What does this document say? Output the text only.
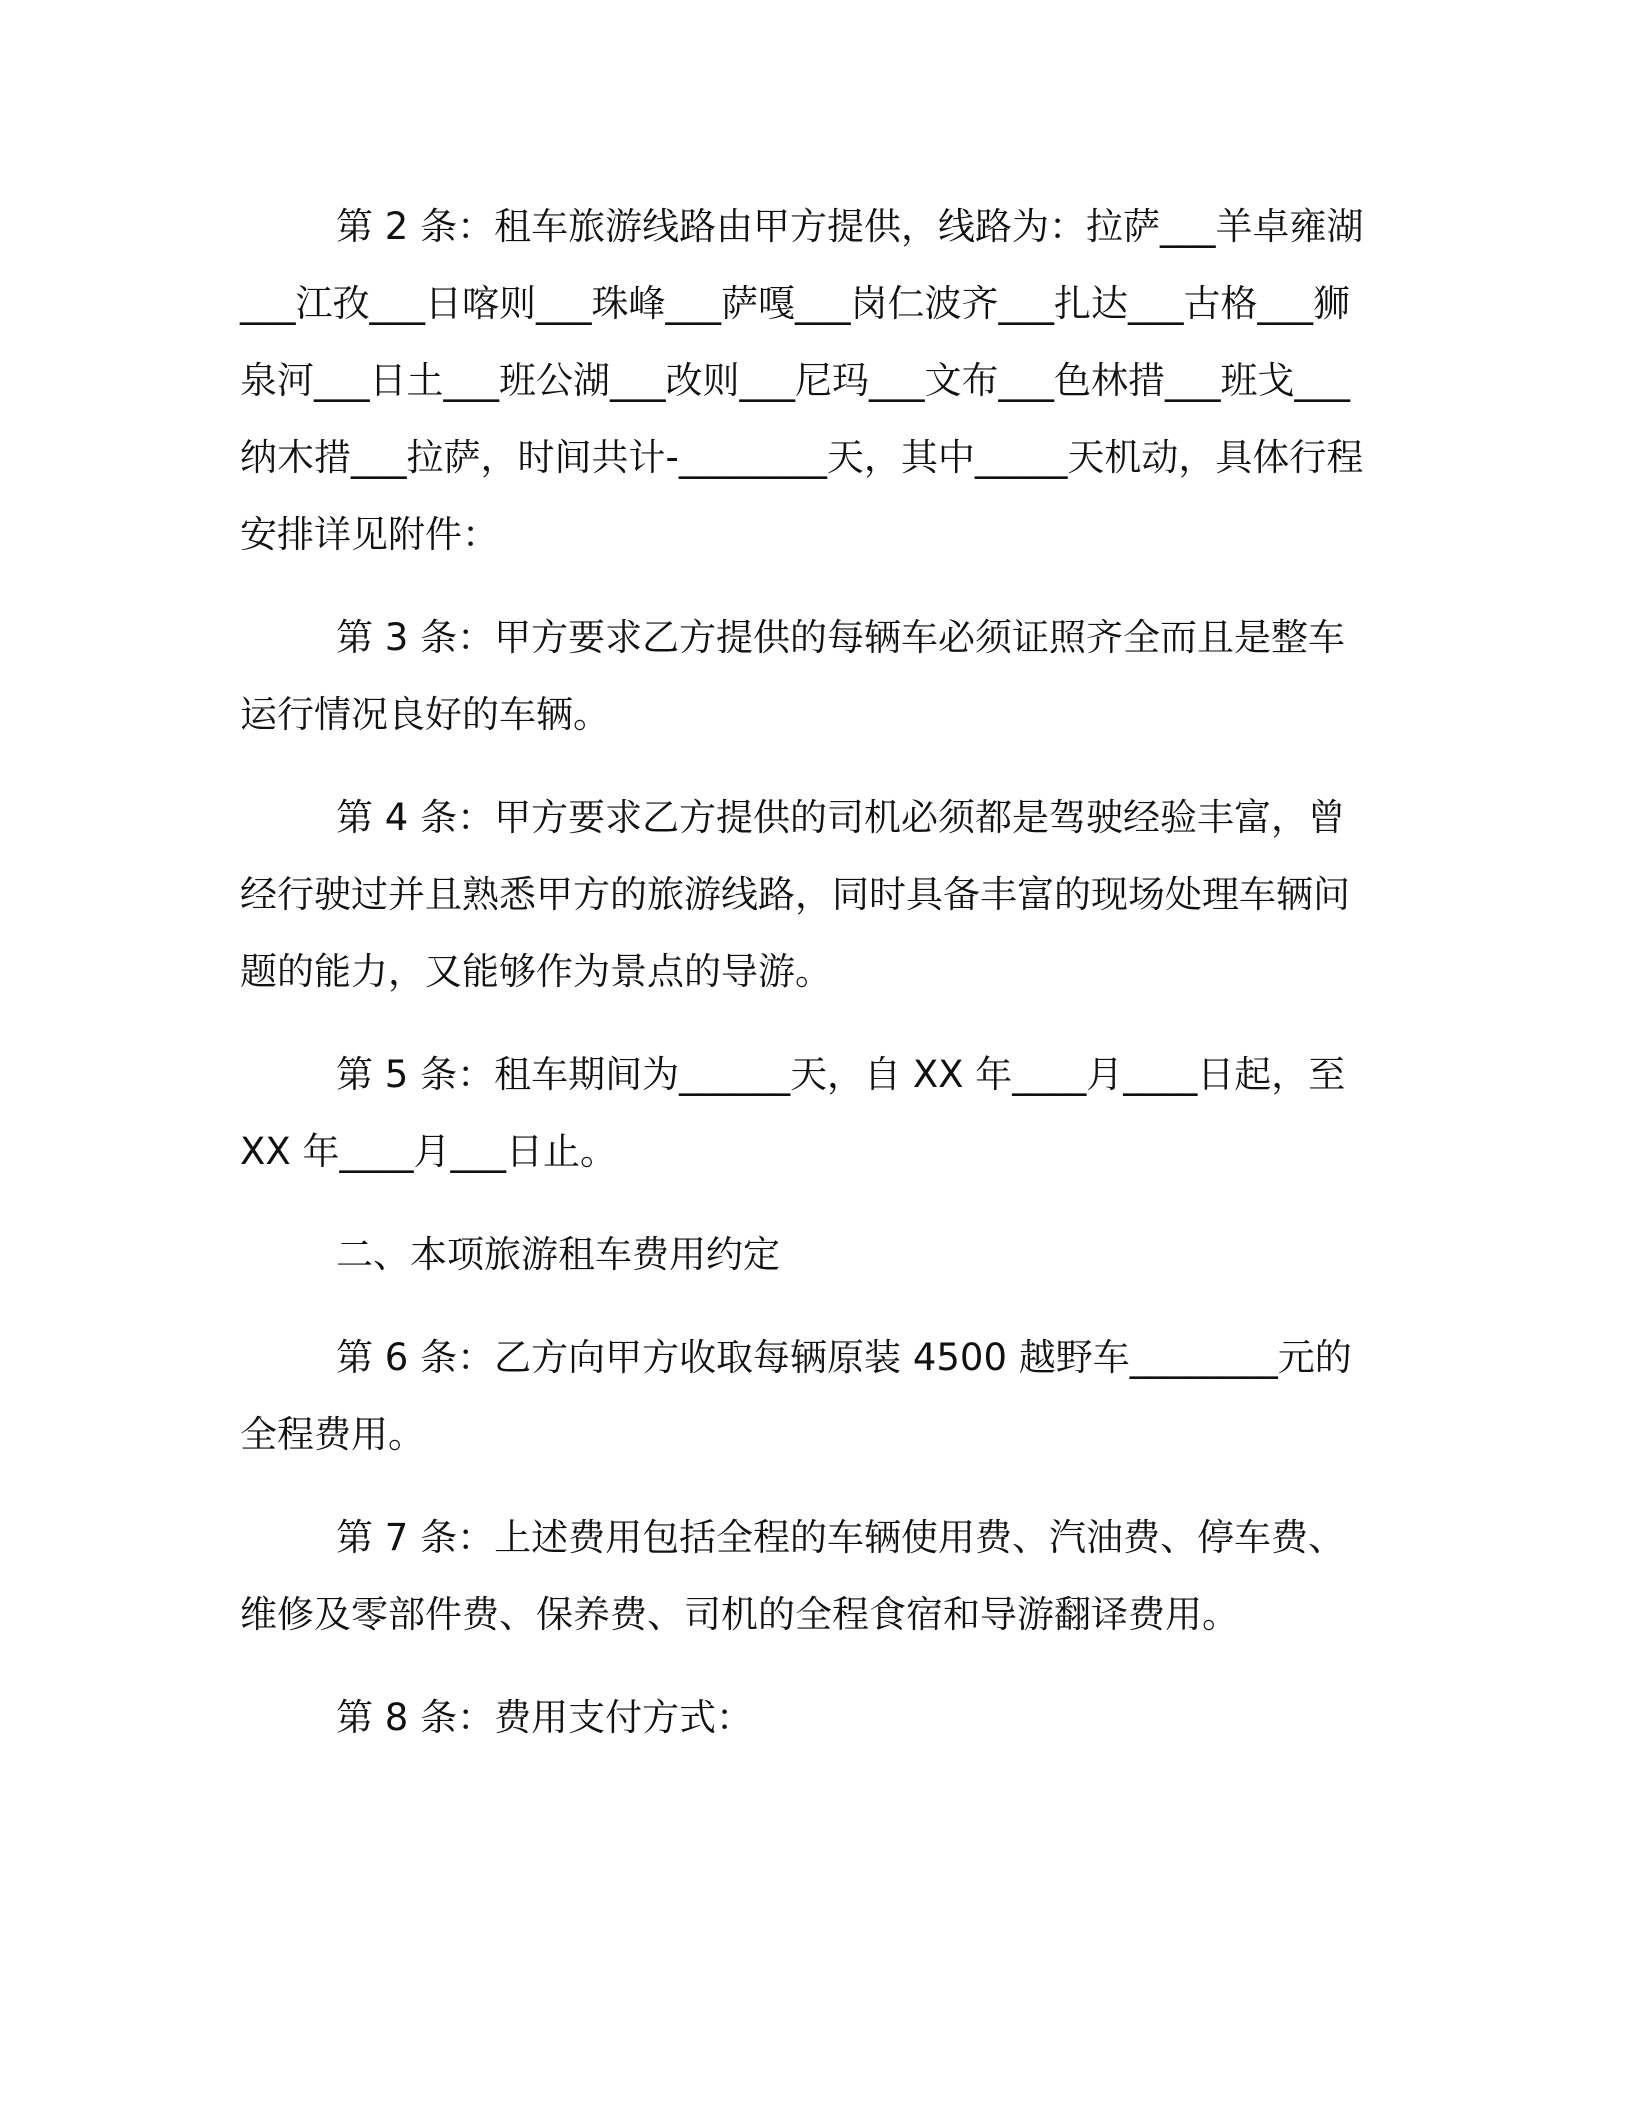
第 2 条：租车旅游线路由甲方提供，线路为：拉萨___羊卓雍湖___江孜___日喀则___珠峰___萨嘎___岗仁波齐___扎达___古格___狮泉河___日土___班公湖___改则___尼玛___文布___色林措___班戈___纳木措___拉萨，时间共计-________天，其中_____天机动，具体行程安排详见附件：

第 3 条：甲方要求乙方提供的每辆车必须证照齐全而且是整车运行情况良好的车辆。

第 4 条：甲方要求乙方提供的司机必须都是驾驶经验丰富，曾经行驶过并且熟悉甲方的旅游线路，同时具备丰富的现场处理车辆问题的能力，又能够作为景点的导游。

第 5 条：租车期间为______天，自 XX 年____月____日起，至 XX 年____月___日止。

二、本项旅游租车费用约定

第 6 条：乙方向甲方收取每辆原装 4500 越野车________元的全程费用。

第 7 条：上述费用包括全程的车辆使用费、汽油费、停车费、维修及零部件费、保养费、司机的全程食宿和导游翻译费用。

第 8 条：费用支付方式：
